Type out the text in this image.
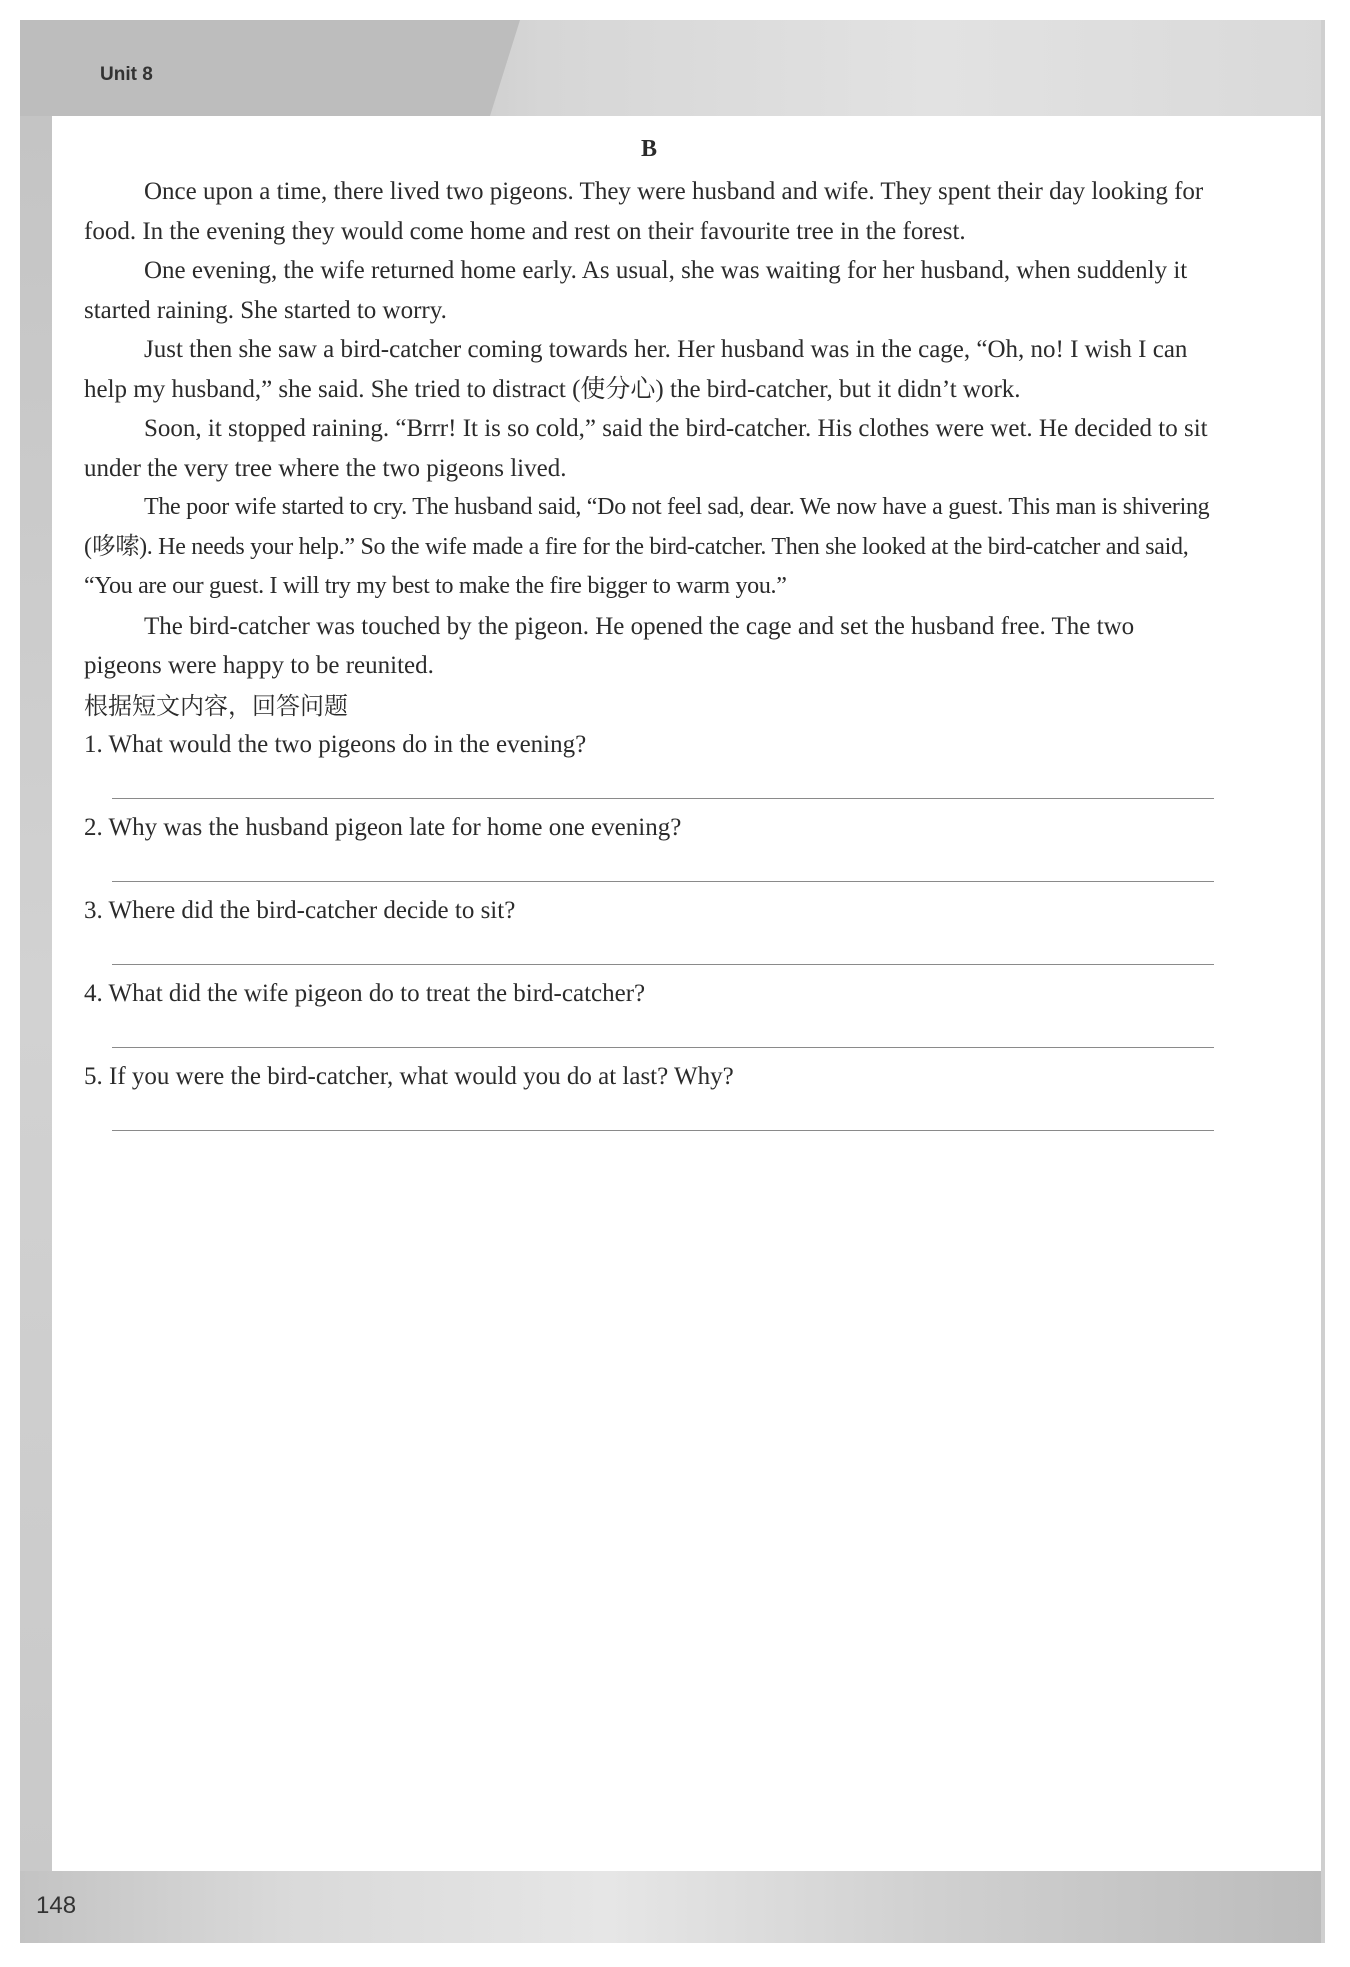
Unit 8
148
B

Once upon a time, there lived two pigeons. They were husband and wife. They spent their day looking for food. In the evening they would come home and rest on their favourite tree in the forest.

One evening, the wife returned home early. As usual, she was waiting for her husband, when suddenly it started raining. She started to worry.

Just then she saw a bird-catcher coming towards her. Her husband was in the cage, “Oh, no! I wish I can help my husband,” she said. She tried to distract (使分心) the bird-catcher, but it didn’t work.

Soon, it stopped raining. “Brrr! It is so cold,” said the bird-catcher. His clothes were wet. He decided to sit under the very tree where the two pigeons lived.

The poor wife started to cry. The husband said, “Do not feel sad, dear. We now have a guest. This man is shivering (哆嗦). He needs your help.” So the wife made a fire for the bird-catcher. Then she looked at the bird-catcher and said, “You are our guest. I will try my best to make the fire bigger to warm you.”

The bird-catcher was touched by the pigeon. He opened the cage and set the husband free. The two pigeons were happy to be reunited.

根据短文内容，回答问题

1. What would the two pigeons do in the evening?

2. Why was the husband pigeon late for home one evening?

3. Where did the bird-catcher decide to sit?

4. What did the wife pigeon do to treat the bird-catcher?

5. If you were the bird-catcher, what would you do at last? Why?
